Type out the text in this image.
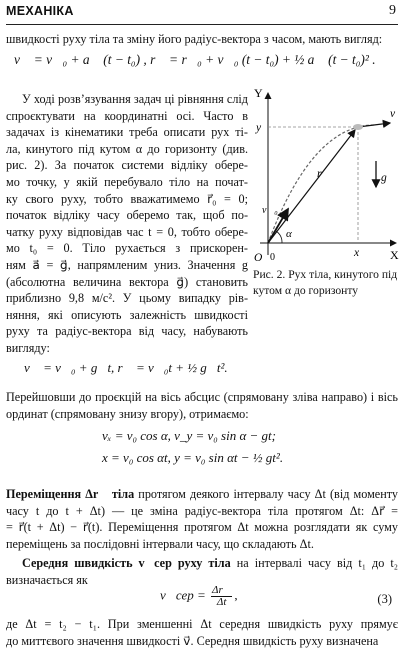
МЕХАНІКА	9
швидкості руху тіла та зміну його радіус-вектора з часом, мають вигляд:
v⃗ = v⃗₀ + a⃗ (t − t₀) , r⃗ = r⃗₀ + v⃗₀ (t − t₀) + ½ a⃗ (t − t₀)² .
У ході розв’язування задач ці рівняння слід
спроєктувати на координатні осі. Часто в
задачах із кінематики треба описати рух ті-
ла, кинутого під кутом α до горизонту (див.
рис. 2). За початок системи відліку обере-
мо точку, у якій перебувало тіло на почат-
ку свого руху, тобто вважатимемо r⃗₀ = 0;
початок відліку часу оберемо так, щоб по-
чатку руху відповідав час t = 0, тобто обере-
мо t₀ = 0. Тіло рухається з прискорен-
ням a⃗ = g⃗, напрямленим униз. Значення g
(абсолютна величина вектора g⃗) становить
приблизно 9,8 м/с². У цьому випадку рів-
няння, які описують залежність швидкості
руху та радіус-вектора від часу, набувають
вигляду:
Y
X
O	x
y
r⃗
v⃗
v⃗₀
g⃗
α
0
Рис. 2. Рух тіла, кинутого під кутом α до горизонту
v⃗ = v⃗₀ + g⃗t, r⃗ = v⃗₀t + ½ g⃗t².
Перейшовши до проєкцій на вісь абсцис (спрямовану зліва направо) і вісь
ординат (спрямовану знизу вгору), отримаємо:
vₓ = v₀ cos α, v_y = v₀ sin α − gt;
x = v₀ cos αt, y = v₀ sin αt − ½ gt².
Переміщення Δr⃗ тіла протягом деякого інтервалу часу Δt (від моменту
часу t до t + Δt) — це зміна радіус-вектора тіла протягом Δt: Δr⃗ =
= r⃗(t + Δt) − r⃗(t). Переміщення протягом Δt можна розглядати як суму
переміщень за послідовні інтервали часу, що складають Δt.
Середня швидкість v⃗сер руху тіла на інтервалі часу від t₁ до t₂
визначається як
v⃗сер = $\frac{\Delta r⃗}{\Delta t}$ ,	(3)
де Δt = t₂ − t₁. При зменшенні Δt середня швидкість руху прямує
до миттєвого значення швидкості v⃗. Середня швидкість руху визначена
